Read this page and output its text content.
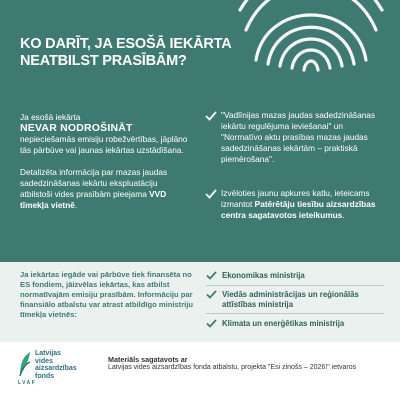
KO DARĪT, JA ESOŠĀ IEKĀRTA
NEATBILST PRASĪBĀM?

Ja esošā iekārta
NEVAR NODROŠINĀT nepieciešamās emisiju robežvērtības, jāplāno tās pārbūve vai jaunas iekārtas uzstādīšana.

Detalizēta informācija par mazas jaudas sadedzināšanas iekārtu ekspluatāciju atbilstoši vides prasībām pieejama VVD tīmekļa vietnē.

"Vadlīnijas mazas jaudas sadedzināšanas iekārtu regulējuma ieviešanai" un "Normatīvo aktu prasības mazas jaudas sadedzināšanas iekārtām – praktiskā piemērošana".
Izvēloties jaunu apkures katlu, ieteicams izmantot Patērētāju tiesību aizsardzības centra sagatavotos ieteikumus.
Ja iekārtas iegāde vai pārbūve tiek finansēta no ES fondiem, jāizvēlas iekārtas, kas atbilst normatīvajām emisiju prasībām. Informāciju par finansiālo atbalstu var atrast atbildīgo ministriju tīmekļa vietnēs:
Ekonomikas ministrija
Viedās administrācijas un reģionālās attīstības ministrija
Klimata un enerģētikas ministrija
Latvijas
vides
aizsardzības
fonds
LVAF
Materiāls sagatavots ar
Latvijas vides aizsardzības fonda atbalstu, projekta "Esi zinošs – 2026!" ietvaros
